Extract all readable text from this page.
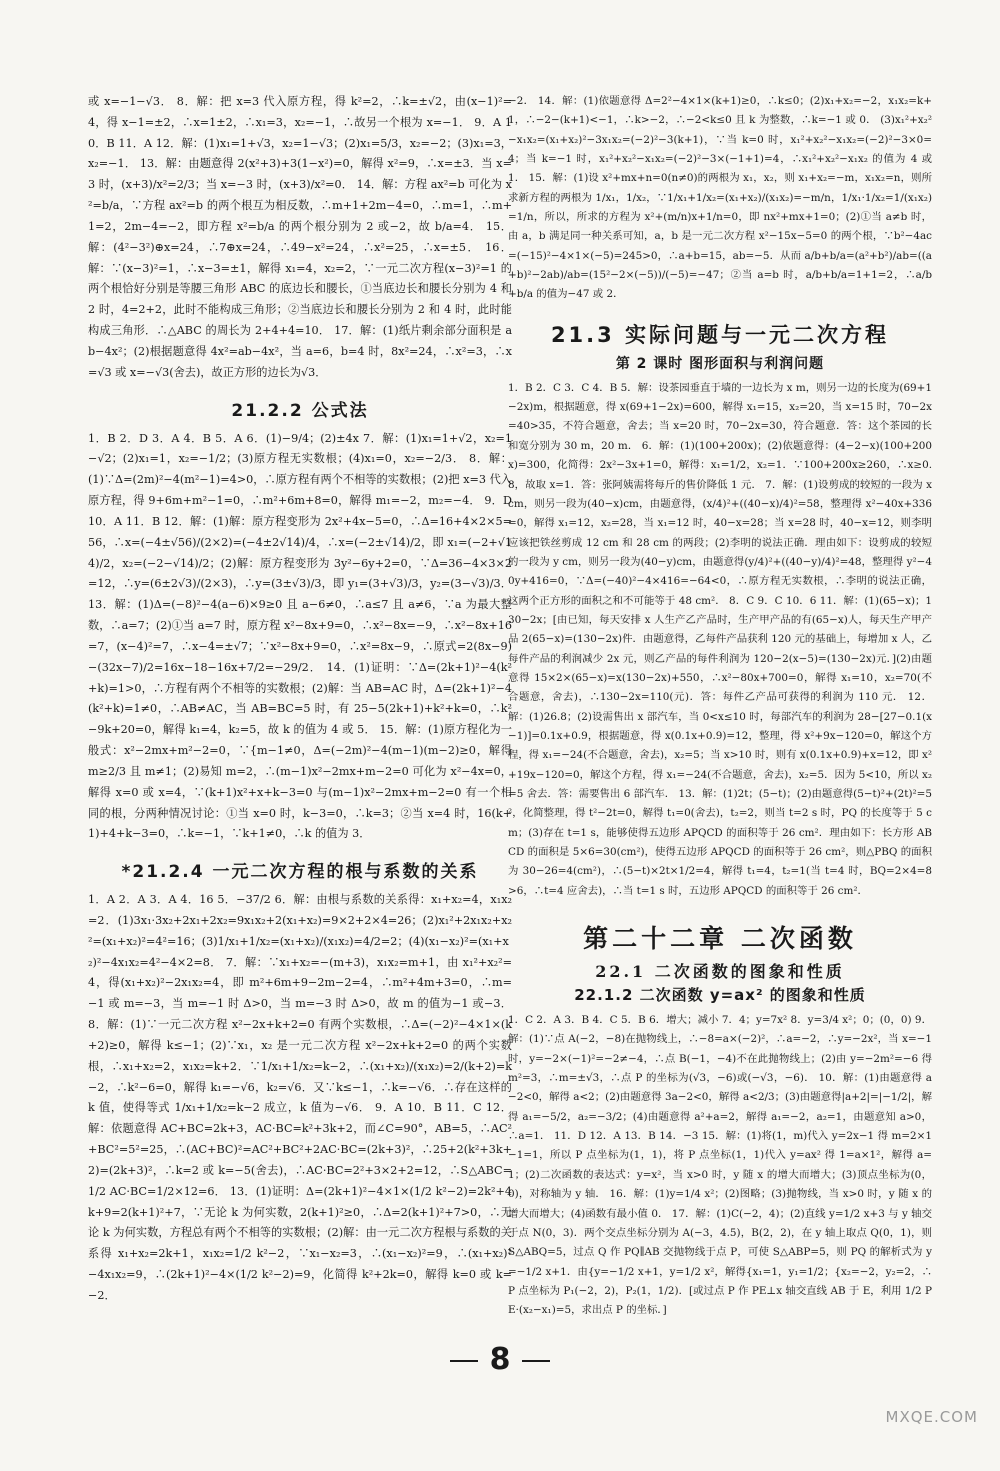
或 x=−1−√3． 8．解：把 x=3 代入原方程，得 k²=2，∴k=±√2，由(x−1)²=4，得 x−1=±2，∴x=1±2，∴x₁=3，x₂=−1，∴故另一个根为 x=−1． 9．A 10．B 11．A 12．解：(1)x₁=1+√3，x₂=1−√3；(2)x₁=5/3，x₂=−2；(3)x₁=3，x₂=−1． 13．解：由题意得 2(x²+3)+3(1−x²)=0，解得 x²=9，∴x=±3．当 x=3 时，(x+3)/x²=2/3；当 x=−3 时，(x+3)/x²=0． 14．解：方程 ax²=b 可化为 x²=b/a，∵方程 ax²=b 的两个根互为相反数，∴m+1+2m−4=0，∴m=1，∴m+1=2，2m−4=−2，即方程 x²=b/a 的两个根分别为 2 或−2，故 b/a=4． 15．解：(4²−3²)⊕x=24，∴7⊕x=24，∴49−x²=24，∴x²=25，∴x=±5． 16．解：∵(x−3)²=1，∴x−3=±1，解得 x₁=4，x₂=2，∵一元二次方程(x−3)²=1 的两个根恰好分别是等腰三角形 ABC 的底边长和腰长，①当底边长和腰长分别为 4 和 2 时，4=2+2，此时不能构成三角形；②当底边长和腰长分别为 2 和 4 时，此时能构成三角形．∴△ABC 的周长为 2+4+4=10． 17．解：(1)纸片剩余部分面积是 ab−4x²；(2)根据题意得 4x²=ab−4x²，当 a=6，b=4 时，8x²=24，∴x²=3，∴x=√3 或 x=−√3(舍去)，故正方形的边长为√3．

21.2.2 公式法

1．B 2．D 3．A 4．B 5．A 6．(1)−9/4；(2)±4x 7．解：(1)x₁=1+√2，x₂=1−√2；(2)x₁=1，x₂=−1/2；(3)原方程无实数根；(4)x₁=0，x₂=−2/3． 8．解：(1)∵Δ=(2m)²−4(m²−1)=4>0，∴原方程有两个不相等的实数根；(2)把 x=3 代入原方程，得 9+6m+m²−1=0，∴m²+6m+8=0，解得 m₁=−2，m₂=−4． 9．D 10．A 11．B 12．解：(1)解：原方程变形为 2x²+4x−5=0，∴Δ=16+4×2×5=56，∴x=(−4±√56)/(2×2)=(−4±2√14)/4，∴x=(−2±√14)/2，即 x₁=(−2+√14)/2，x₂=(−2−√14)/2；(2)解：原方程变形为 3y²−6y+2=0，∵Δ=36−4×3×2=12，∴y=(6±2√3)/(2×3)，∴y=(3±√3)/3，即 y₁=(3+√3)/3，y₂=(3−√3)/3． 13．解：(1)Δ=(−8)²−4(a−6)×9≥0 且 a−6≠0，∴a≤7 且 a≠6，∵a 为最大整数，∴a=7；(2)①当 a=7 时，原方程 x²−8x+9=0，∴x²−8x=−9，∴x²−8x+16=7，(x−4)²=7，∴x−4=±√7；∵x²−8x+9=0，∴x²=8x−9，∴原式=2(8x−9)−(32x−7)/2=16x−18−16x+7/2=−29/2． 14．(1)证明：∵Δ=(2k+1)²−4(k²+k)=1>0，∴方程有两个不相等的实数根；(2)解：当 AB=AC 时，Δ=(2k+1)²−4(k²+k)=1≠0，∴AB≠AC，当 AB=BC=5 时，有 25−5(2k+1)+k²+k=0，∴k²−9k+20=0，解得 k₁=4，k₂=5，故 k 的值为 4 或 5． 15．解：(1)原方程化为一般式：x²−2mx+m²−2=0，∵{m−1≠0，Δ=(−2m)²−4(m−1)(m−2)≥0，解得 m≥2/3 且 m≠1；(2)易知 m=2，∴(m−1)x²−2mx+m−2=0 可化为 x²−4x=0，解得 x=0 或 x=4，∵(k+1)x²+x+k−3=0 与(m−1)x²−2mx+m−2=0 有一个相同的根，分两种情况讨论：①当 x=0 时，k−3=0，∴k=3；②当 x=4 时，16(k+1)+4+k−3=0，∴k=−1，∵k+1≠0，∴k 的值为 3．

*21.2.4 一元二次方程的根与系数的关系

1．A 2．A 3．A 4．16 5．−37/2 6．解：由根与系数的关系得：x₁+x₂=4，x₁x₂=2．(1)3x₁·3x₂+2x₁+2x₂=9x₁x₂+2(x₁+x₂)=9×2+2×4=26；(2)x₁²+2x₁x₂+x₂²=(x₁+x₂)²=4²=16；(3)1/x₁+1/x₂=(x₁+x₂)/(x₁x₂)=4/2=2；(4)(x₁−x₂)²=(x₁+x₂)²−4x₁x₂=4²−4×2=8． 7．解：∵x₁+x₂=−(m+3)，x₁x₂=m+1，由 x₁²+x₂²=4，得(x₁+x₂)²−2x₁x₂=4，即 m²+6m+9−2m−2=4，∴m²+4m+3=0，∴m=−1 或 m=−3，当 m=−1 时 Δ>0，当 m=−3 时 Δ>0，故 m 的值为−1 或−3． 8．解：(1)∵一元二次方程 x²−2x+k+2=0 有两个实数根，∴Δ=(−2)²−4×1×(k+2)≥0，解得 k≤−1；(2)∵x₁，x₂ 是一元二次方程 x²−2x+k+2=0 的两个实数根，∴x₁+x₂=2，x₁x₂=k+2．∵1/x₁+1/x₂=k−2，∴(x₁+x₂)/(x₁x₂)=2/(k+2)=k−2，∴k²−6=0，解得 k₁=−√6，k₂=√6．又∵k≤−1，∴k=−√6．∴存在这样的 k 值，使得等式 1/x₁+1/x₂=k−2 成立，k 值为−√6． 9．A 10．B 11．C 12．解：依题意得 AC+BC=2k+3，AC·BC=k²+3k+2，而∠C=90°，AB=5，∴AC²+BC²=5²=25，∴(AC+BC)²=AC²+BC²+2AC·BC=(2k+3)²，∴25+2(k²+3k+2)=(2k+3)²，∴k=2 或 k=−5(舍去)，∴AC·BC=2²+3×2+2=12，∴S△ABC=1/2 AC·BC=1/2×12=6． 13．(1)证明：Δ=(2k+1)²−4×1×(1/2 k²−2)=2k²+4k+9=2(k+1)²+7，∵无论 k 为何实数，2(k+1)²≥0，∴Δ=2(k+1)²+7>0，∴无论 k 为何实数，方程总有两个不相等的实数根；(2)解：由一元二次方程根与系数的关系得 x₁+x₂=2k+1，x₁x₂=1/2 k²−2，∵x₁−x₂=3，∴(x₁−x₂)²=9，∴(x₁+x₂)²−4x₁x₂=9，∴(2k+1)²−4×(1/2 k²−2)=9，化简得 k²+2k=0，解得 k=0 或 k=−2．

−2． 14．解：(1)依题意得 Δ=2²−4×1×(k+1)≥0，∴k≤0；(2)x₁+x₂=−2，x₁x₂=k+1，∴−2−(k+1)<−1，∴k>−2，∴−2<k≤0 且 k 为整数，∴k=−1 或 0． (3)x₁²+x₂²−x₁x₂=(x₁+x₂)²−3x₁x₂=(−2)²−3(k+1)，∵当 k=0 时，x₁²+x₂²−x₁x₂=(−2)²−3×0=4；当 k=−1 时，x₁²+x₂²−x₁x₂=(−2)²−3×(−1+1)=4，∴x₁²+x₂²−x₁x₂ 的值为 4 或 1． 15．解：(1)设 x²+mx+n=0(n≠0)的两根为 x₁，x₂，则 x₁+x₂=−m，x₁x₂=n，则所求新方程的两根为 1/x₁，1/x₂，∵1/x₁+1/x₂=(x₁+x₂)/(x₁x₂)=−m/n，1/x₁·1/x₂=1/(x₁x₂)=1/n，所以，所求的方程为 x²+(m/n)x+1/n=0，即 nx²+mx+1=0；(2)①当 a≠b 时，由 a，b 满足同一种关系可知，a，b 是一元二次方程 x²−15x−5=0 的两个根，∵b²−4ac=(−15)²−4×1×(−5)=245>0，∴a+b=15，ab=−5．从而 a/b+b/a=(a²+b²)/ab=((a+b)²−2ab)/ab=(15²−2×(−5))/(−5)=−47；②当 a=b 时，a/b+b/a=1+1=2，∴a/b+b/a 的值为−47 或 2．

21.3 实际问题与一元二次方程
第 2 课时 图形面积与利润问题

1．B 2．C 3．C 4．B 5．解：设茶园垂直于墙的一边长为 x m，则另一边的长度为(69+1−2x)m，根据题意，得 x(69+1−2x)=600，解得 x₁=15，x₂=20，当 x=15 时，70−2x=40>35，不符合题意，舍去；当 x=20 时，70−2x=30，符合题意．答：这个茶园的长和宽分别为 30 m，20 m． 6．解：(1)(100+200x)；(2)依题意得：(4−2−x)(100+200x)=300，化简得：2x²−3x+1=0，解得：x₁=1/2，x₂=1．∵100+200x≥260，∴x≥0.8，故取 x=1．答：张阿姨需将每斤的售价降低 1 元． 7．解：(1)设剪成的较短的一段为 x cm，则另一段为(40−x)cm，由题意得，(x/4)²+((40−x)/4)²=58，整理得 x²−40x+336=0，解得 x₁=12，x₂=28，当 x₁=12 时，40−x=28；当 x=28 时，40−x=12，则李明应该把铁丝剪成 12 cm 和 28 cm 的两段；(2)李明的说法正确．理由如下：设剪成的较短的一段为 y cm，则另一段为(40−y)cm，由题意得(y/4)²+((40−y)/4)²=48，整理得 y²−40y+416=0，∵Δ=(−40)²−4×416=−64<0，∴原方程无实数根，∴李明的说法正确，这两个正方形的面积之和不可能等于 48 cm²． 8．C 9．C 10．6 11．解：(1)(65−x)；130−2x；[由已知，每天安排 x 人生产乙产品时，生产甲产品的有(65−x)人，每天生产甲产品 2(65−x)=(130−2x)件．由题意得，乙每件产品获利 120 元的基础上，每增加 x 人，乙每件产品的利润减少 2x 元，则乙产品的每件利润为 120−2(x−5)=(130−2x)元．](2)由题意得 15×2×(65−x)=x(130−2x)+550，∴x²−80x+700=0，解得 x₁=10，x₂=70(不合题意，舍去)，∴130−2x=110(元)．答：每件乙产品可获得的利润为 110 元． 12．解：(1)26.8；(2)设需售出 x 部汽车，当 0<x≤10 时，每部汽车的利润为 28−[27−0.1(x−1)]=0.1x+0.9，根据题意，得 x(0.1x+0.9)=12，整理，得 x²+9x−120=0，解这个方程，得 x₁=−24(不合题意，舍去)，x₂=5；当 x>10 时，则有 x(0.1x+0.9)+x=12，即 x²+19x−120=0，解这个方程，得 x₁=−24(不合题意，舍去)，x₂=5．因为 5<10，所以 x₂=5 舍去．答：需要售出 6 部汽车． 13．解：(1)2t；(5−t)；(2)由题意得(5−t)²+(2t)²=5²，化简整理，得 t²−2t=0，解得 t₁=0(舍去)，t₂=2，则当 t=2 s 时，PQ 的长度等于 5 cm；(3)存在 t=1 s，能够使得五边形 APQCD 的面积等于 26 cm²．理由如下：长方形 ABCD 的面积是 5×6=30(cm²)，使得五边形 APQCD 的面积等于 26 cm²，则△PBQ 的面积为 30−26=4(cm²)，∴(5−t)×2t×1/2=4，解得 t₁=4，t₂=1(当 t=4 时，BQ=2×4=8>6，∴t=4 应舍去)，∴当 t=1 s 时，五边形 APQCD 的面积等于 26 cm²．

第二十二章 二次函数
22.1 二次函数的图象和性质
22.1.2 二次函数 y=ax² 的图象和性质

1．C 2．A 3．B 4．C 5．B 6．增大；减小 7．4；y=7x² 8．y=3/4 x²；0；(0，0) 9．解：(1)∵点 A(−2，−8)在抛物线上，∴−8=a×(−2)²，∴a=−2，∴y=−2x²，当 x=−1 时，y=−2×(−1)²=−2≠−4，∴点 B(−1，−4)不在此抛物线上；(2)由 y=−2m²=−6 得 m²=3，∴m=±√3，∴点 P 的坐标为(√3，−6)或(−√3，−6)． 10．解：(1)由题意得 a−2<0，解得 a<2；(2)由题意得 3a−2<0，解得 a<2/3；(3)由题意得|a+2|=|−1/2|，解得 a₁=−5/2，a₂=−3/2；(4)由题意得 a²+a=2，解得 a₁=−2，a₂=1，由题意知 a>0，∴a=1． 11．D 12．A 13．B 14．−3 15．解：(1)将(1，m)代入 y=2x−1 得 m=2×1−1=1，所以 P 点坐标为(1，1)，将 P 点坐标(1，1)代入 y=ax² 得 1=a×1²，解得 a=1；(2)二次函数的表达式：y=x²，当 x>0 时，y 随 x 的增大而增大；(3)顶点坐标为(0，0)，对称轴为 y 轴． 16．解：(1)y=1/4 x²；(2)图略；(3)抛物线，当 x>0 时，y 随 x 的增大而增大；(4)函数有最小值 0． 17．解：(1)C(−2，4)；(2)直线 y=1/2 x+3 与 y 轴交于点 N(0，3)．两个交点坐标分别为 A(−3，4.5)，B(2，2)，在 y 轴上取点 Q(0，1)，则 S△ABQ=5，过点 Q 作 PQ∥AB 交抛物线于点 P，可使 S△ABP=5，则 PQ 的解析式为 y=−1/2 x+1．由{y=−1/2 x+1，y=1/2 x²，解得{x₁=1，y₁=1/2；{x₂=−2，y₂=2，∴P 点坐标为 P₁(−2，2)，P₂(1，1/2)．[或过点 P 作 PE⊥x 轴交直线 AB 于 E，利用 1/2 PE·(x₂−x₁)=5，求出点 P 的坐标．]

8
MXQE.COM
